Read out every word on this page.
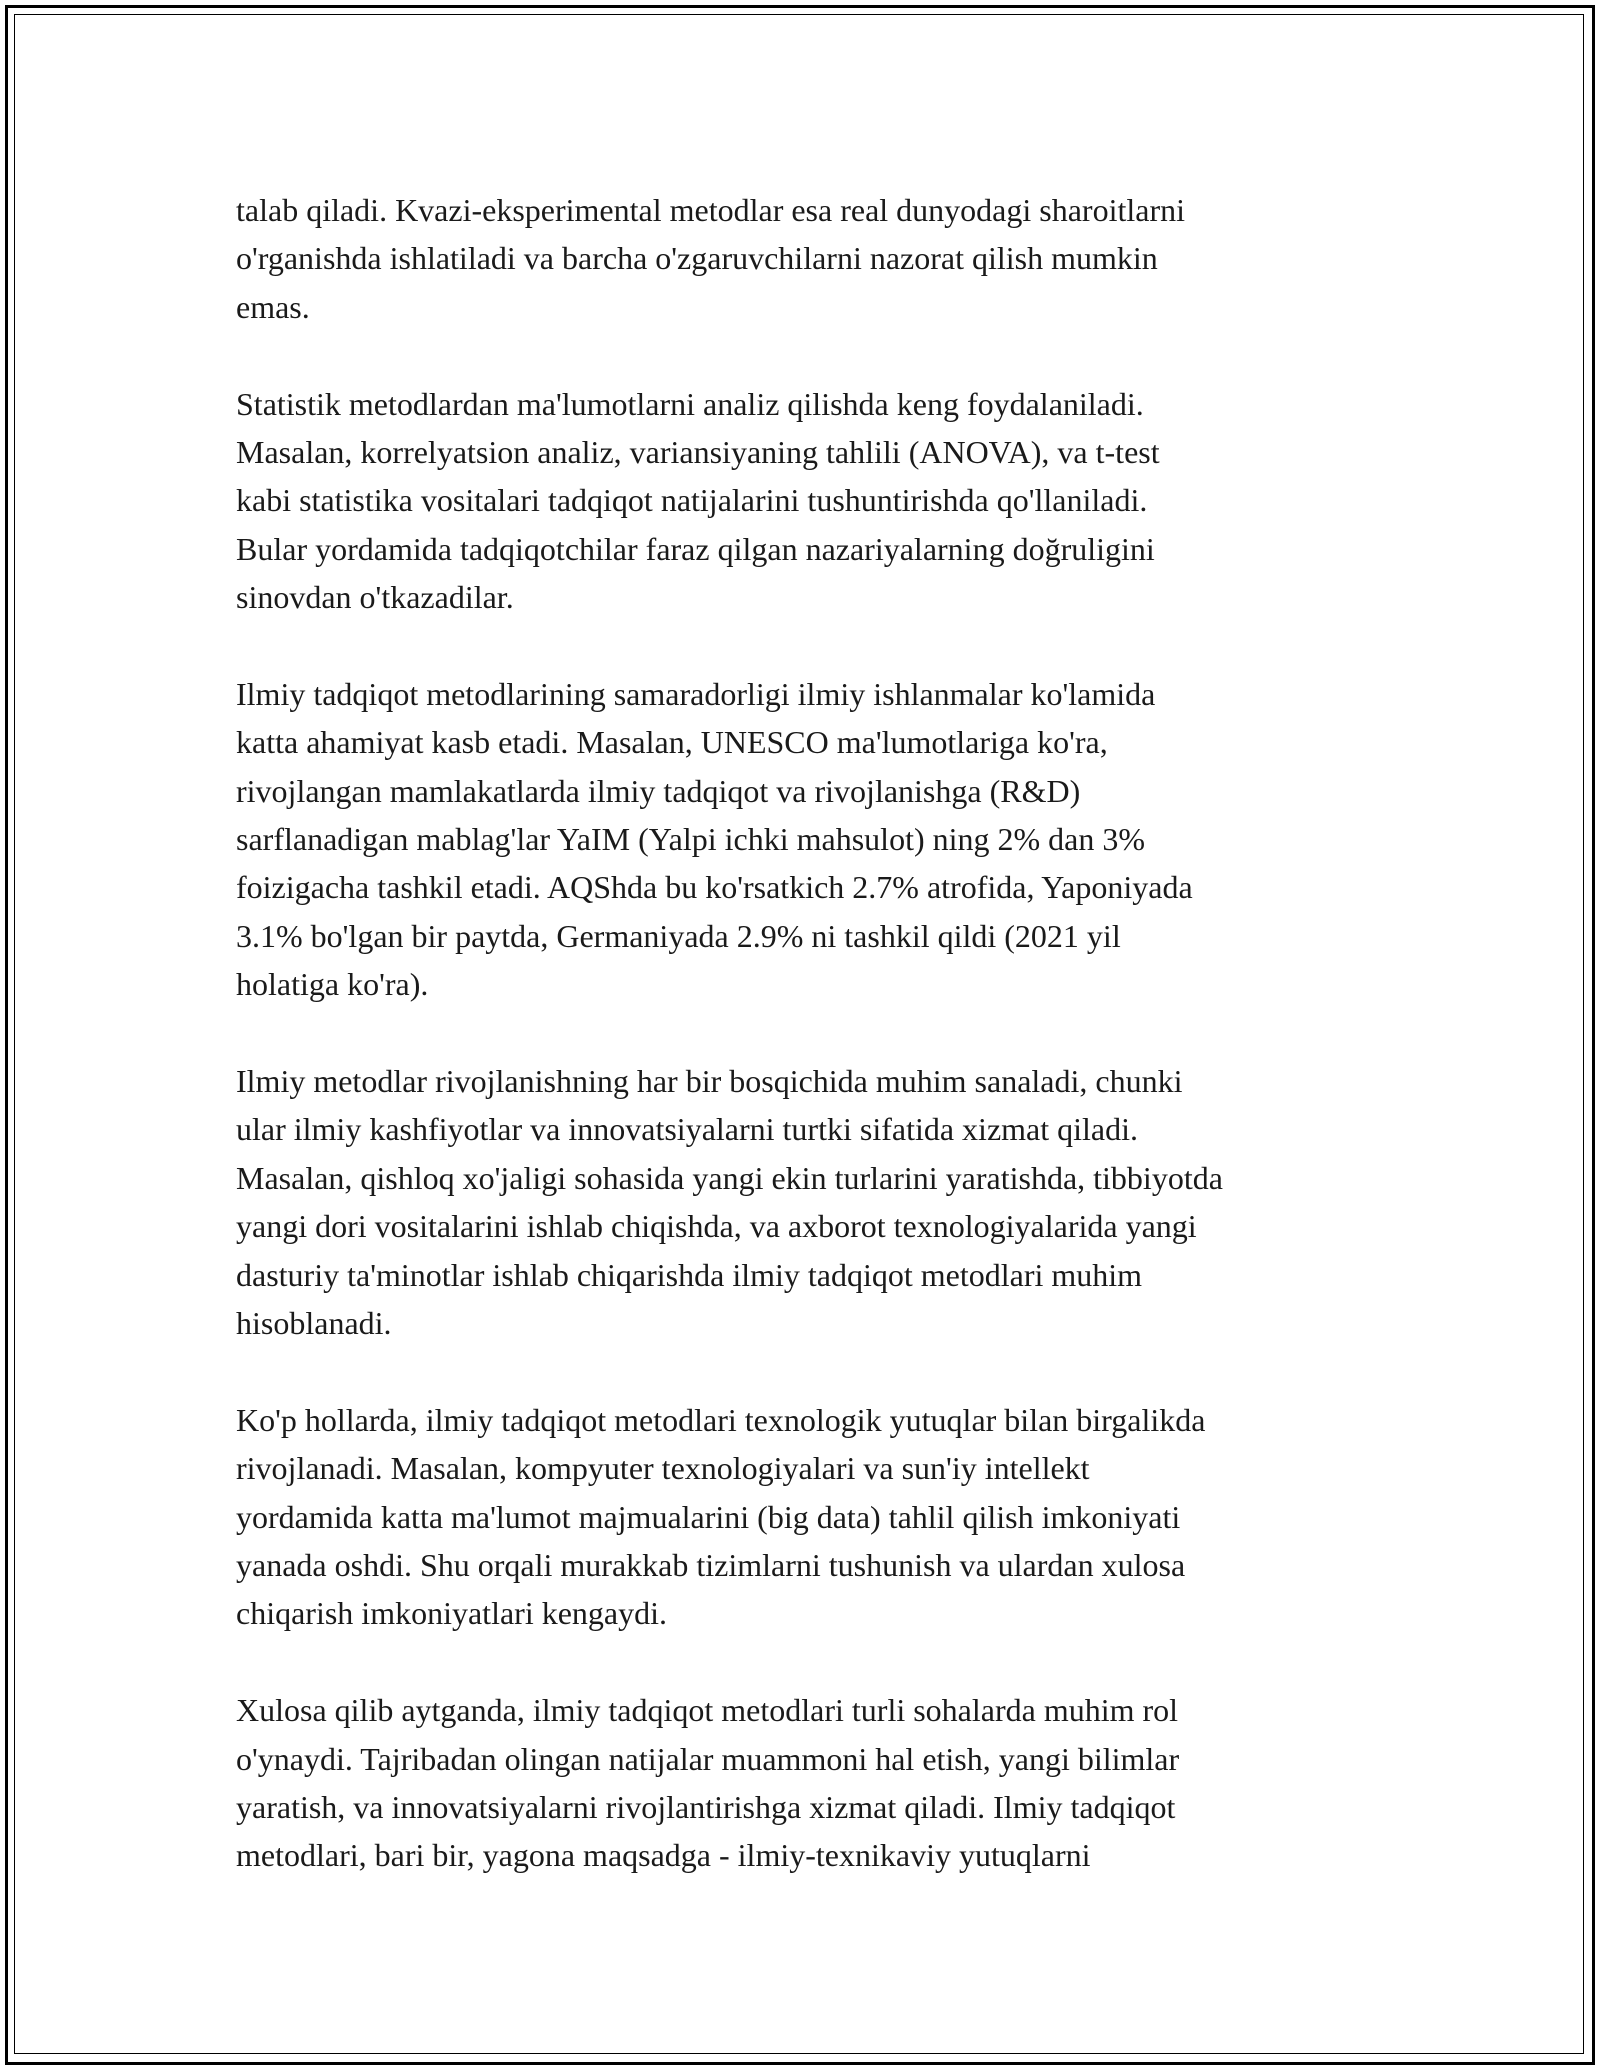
talab qiladi. Kvazi-eksperimental metodlar esa real dunyodagi sharoitlarni
o'rganishda ishlatiladi va barcha o'zgaruvchilarni nazorat qilish mumkin
emas.
Statistik metodlardan ma'lumotlarni analiz qilishda keng foydalaniladi.
Masalan, korrelyatsion analiz, variansiyaning tahlili (ANOVA), va t-test
kabi statistika vositalari tadqiqot natijalarini tushuntirishda qo'llaniladi.
Bular yordamida tadqiqotchilar faraz qilgan nazariyalarning doğruligini
sinovdan o'tkazadilar.
Ilmiy tadqiqot metodlarining samaradorligi ilmiy ishlanmalar ko'lamida
katta ahamiyat kasb etadi. Masalan, UNESCO ma'lumotlariga ko'ra,
rivojlangan mamlakatlarda ilmiy tadqiqot va rivojlanishga (R&D)
sarflanadigan mablag'lar YaIM (Yalpi ichki mahsulot) ning 2% dan 3%
foizigacha tashkil etadi. AQShda bu ko'rsatkich 2.7% atrofida, Yaponiyada
3.1% bo'lgan bir paytda, Germaniyada 2.9% ni tashkil qildi (2021 yil
holatiga ko'ra).
Ilmiy metodlar rivojlanishning har bir bosqichida muhim sanaladi, chunki
ular ilmiy kashfiyotlar va innovatsiyalarni turtki sifatida xizmat qiladi.
Masalan, qishloq xo'jaligi sohasida yangi ekin turlarini yaratishda, tibbiyotda
yangi dori vositalarini ishlab chiqishda, va axborot texnologiyalarida yangi
dasturiy ta'minotlar ishlab chiqarishda ilmiy tadqiqot metodlari muhim
hisoblanadi.
Ko'p hollarda, ilmiy tadqiqot metodlari texnologik yutuqlar bilan birgalikda
rivojlanadi. Masalan, kompyuter texnologiyalari va sun'iy intellekt
yordamida katta ma'lumot majmualarini (big data) tahlil qilish imkoniyati
yanada oshdi. Shu orqali murakkab tizimlarni tushunish va ulardan xulosa
chiqarish imkoniyatlari kengaydi.
Xulosa qilib aytganda, ilmiy tadqiqot metodlari turli sohalarda muhim rol
o'ynaydi. Tajribadan olingan natijalar muammoni hal etish, yangi bilimlar
yaratish, va innovatsiyalarni rivojlantirishga xizmat qiladi. Ilmiy tadqiqot
metodlari, bari bir, yagona maqsadga - ilmiy-texnikaviy yutuqlarni
